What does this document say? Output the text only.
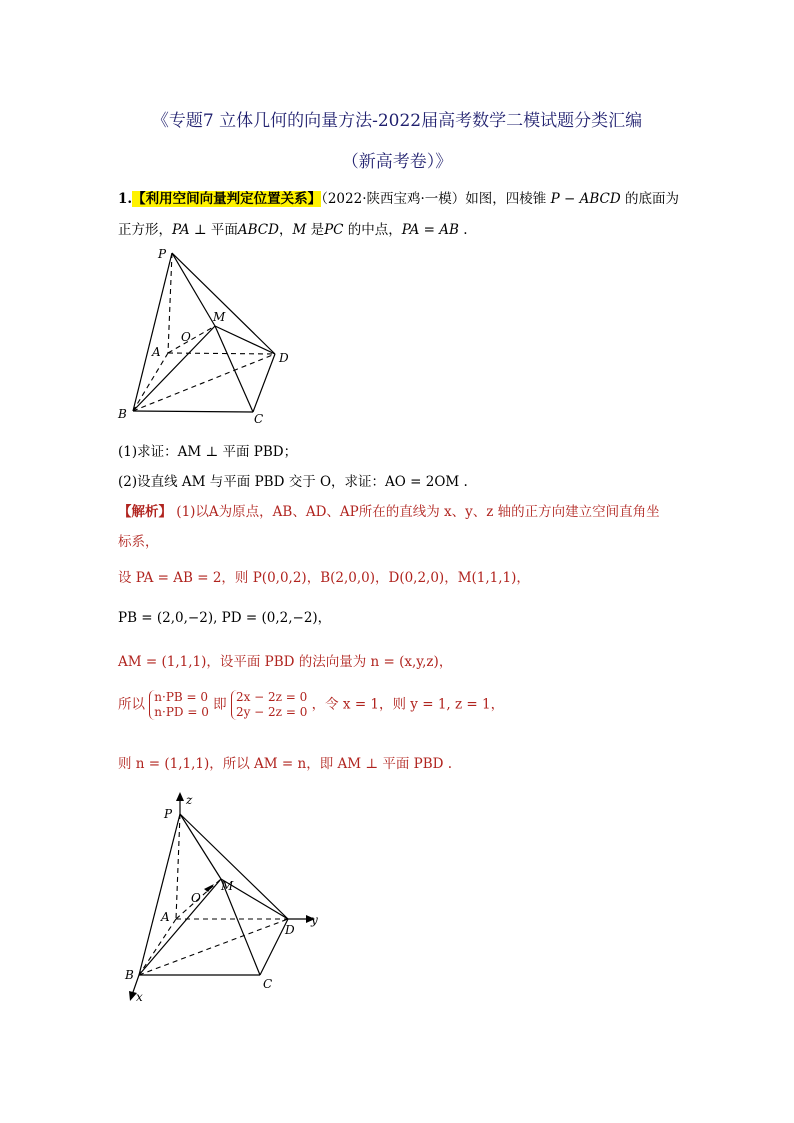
《专题7 立体几何的向量方法-2022届高考数学二模试题分类汇编
（新高考卷）》
1.【利用空间向量判定位置关系】（2022·陕西宝鸡·一模）如图，四棱锥 P − ABCD 的底面为
正方形，PA ⊥ 平面ABCD，M 是PC 的中点，PA = AB .
P
M
O
A	D
B	C
(1)求证：AM ⊥ 平面 PBD；
(2)设直线 AM 与平面 PBD 交于 O，求证：AO = 2OM .
【解析】 (1)以A为原点，AB、AD、AP所在的直线为 x、y、z 轴的正方向建立空间直角坐
标系，
设 PA = AB = 2，则 P(0,0,2)，B(2,0,0)，D(0,2,0)，M(1,1,1)，
PB = (2,0,−2), PD = (0,2,−2)，
AM = (1,1,1)，设平面 PBD 的法向量为 n = (x,y,z)，
所以 n·PB = 0
n·PD = 0 即 2x − 2z = 0
2y − 2z = 0 ，令 x = 1，则 y = 1, z = 1，
则 n = (1,1,1)，所以 AM = n，即 AM ⊥ 平面 PBD .
z
y
x
P
M
O
A
D
B
C
